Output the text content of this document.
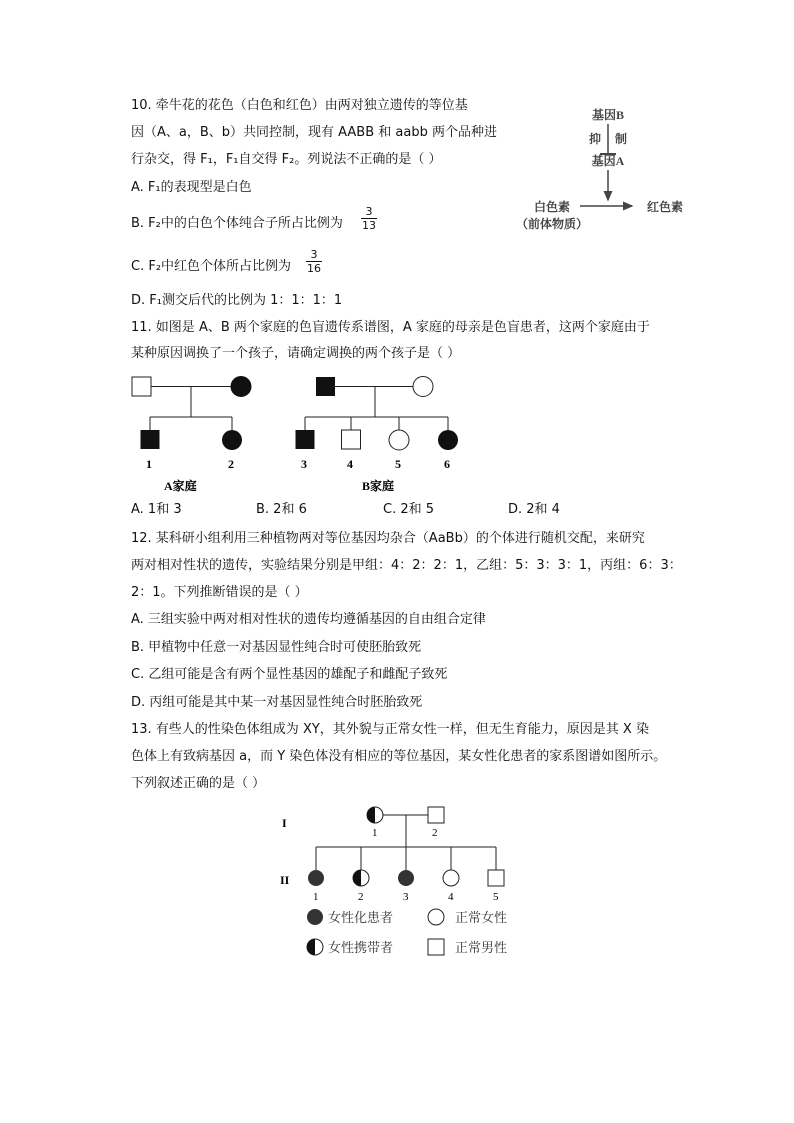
10. 牵牛花的花色（白色和红色）由两对独立遗传的等位基
因（A、a，B、b）共同控制，现有 AABB 和 aabb 两个品种进
行杂交，得 F₁，F₁自交得 F₂。列说法不正确的是（ ）
A. F₁的表现型是白色
B. F₂中的白色个体纯合子所占比例为 $\frac{3}{13}$
C. F₂中红色个体所占比例为 $\frac{3}{16}$
D. F₁测交后代的比例为 1：1：1：1
基因B
抑 制
基因A
白色素	红色素
（前体物质）
11. 如图是 A、B 两个家庭的色盲遗传系谱图，A 家庭的母亲是色盲患者，这两个家庭由于
某种原因调换了一个孩子，请确定调换的两个孩子是（ ）
1	2
A家庭
3	4	5	6
B家庭
A. 1和 3	B. 2和 6	C. 2和 5	D. 2和 4
12. 某科研小组利用三种植物两对等位基因均杂合（AaBb）的个体进行随机交配，来研究
两对相对性状的遗传，实验结果分别是甲组：4：2：2：1，乙组：5：3：3：1，丙组：6：3：
2：1。下列推断错误的是（ ）
A. 三组实验中两对相对性状的遗传均遵循基因的自由组合定律
B. 甲植物中任意一对基因显性纯合时可使胚胎致死
C. 乙组可能是含有两个显性基因的雄配子和雌配子致死
D. 丙组可能是其中某一对基因显性纯合时胚胎致死
13. 有些人的性染色体组成为 XY，其外貌与正常女性一样，但无生育能力，原因是其 X 染
色体上有致病基因 a，而 Y 染色体没有相应的等位基因，某女性化患者的家系图谱如图所示。
下列叙述正确的是（ ）
I
1	2
II
1	2	3	4	5
女性化患者	正常女性
女性携带者	正常男性
